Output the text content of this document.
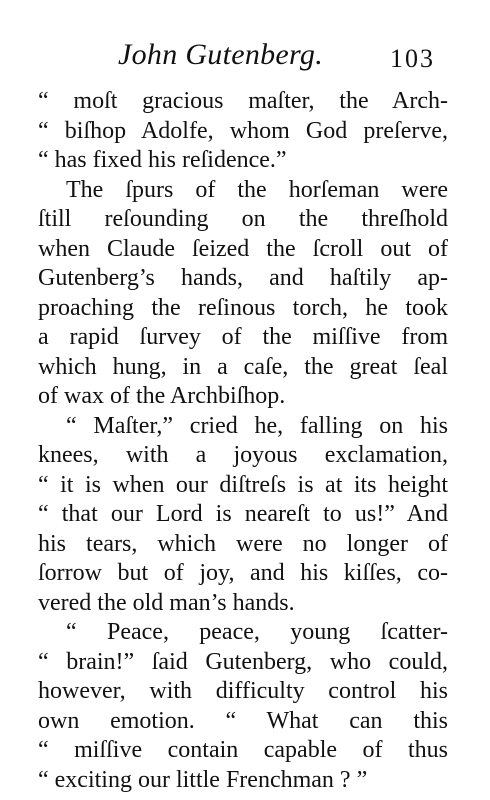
John Gutenberg.	103
“ moſt gracious maſter, the Arch-
“ biſhop Adolfe, whom God preſerve,
“ has fixed his reſidence.”
The ſpurs of the horſeman were
ſtill reſounding on the threſhold
when Claude ſeized the ſcroll out of
Gutenberg’s hands, and haſtily ap-
proaching the reſinous torch, he took
a rapid ſurvey of the miſſive from
which hung, in a caſe, the great ſeal
of wax of the Archbiſhop.
“ Maſter,” cried he, falling on his
knees, with a joyous exclamation,
“ it is when our diſtreſs is at its height
“ that our Lord is neareſt to us!” And
his tears, which were no longer of
ſorrow but of joy, and his kiſſes, co-
vered the old man’s hands.
“ Peace, peace, young ſcatter-
“ brain!” ſaid Gutenberg, who could,
however, with difficulty control his
own emotion. “ What can this
“ miſſive contain capable of thus
“ exciting our little Frenchman ? ”
